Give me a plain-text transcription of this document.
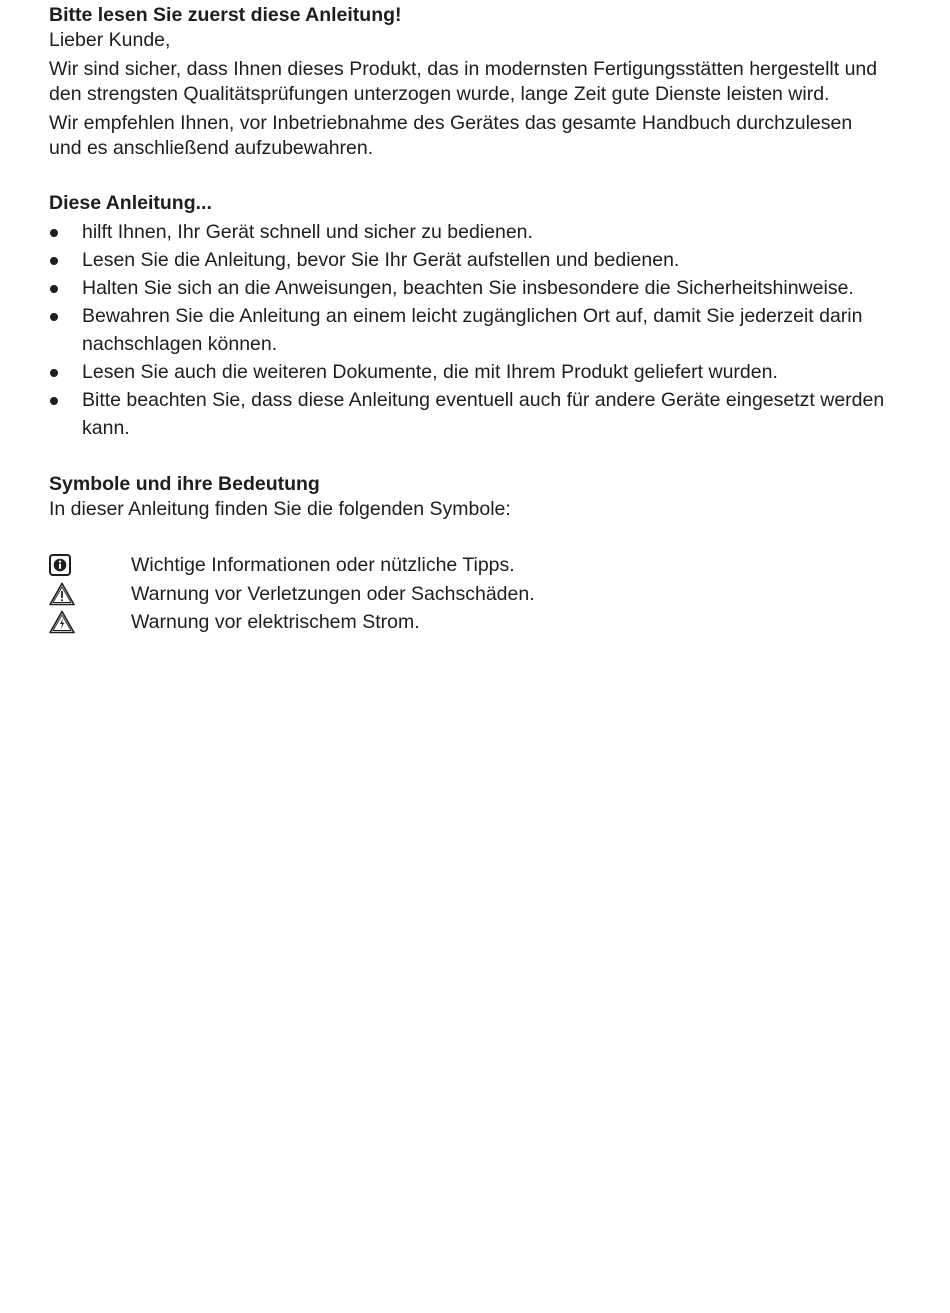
Bitte lesen Sie zuerst diese Anleitung!

Lieber Kunde,

Wir sind sicher, dass Ihnen dieses Produkt, das in modernsten Fertigungsstätten hergestellt und den strengsten Qualitätsprüfungen unterzogen wurde, lange Zeit gute Dienste leisten wird.

Wir empfehlen Ihnen, vor Inbetriebnahme des Gerätes das gesamte Handbuch durchzulesen und es anschließend aufzubewahren.

Diese Anleitung...
hilft Ihnen, Ihr Gerät schnell und sicher zu bedienen.
Lesen Sie die Anleitung, bevor Sie Ihr Gerät aufstellen und bedienen.
Halten Sie sich an die Anweisungen, beachten Sie insbesondere die Sicherheitshinweise.
Bewahren Sie die Anleitung an einem leicht zugänglichen Ort auf, damit Sie jederzeit darin nachschlagen können.
Lesen Sie auch die weiteren Dokumente, die mit Ihrem Produkt geliefert wurden.
Bitte beachten Sie, dass diese Anleitung eventuell auch für andere Geräte eingesetzt werden kann.
Symbole und ihre Bedeutung

In dieser Anleitung finden Sie die folgenden Symbole:

Wichtige Informationen oder nützliche Tipps.
Warnung vor Verletzungen oder Sachschäden.
Warnung vor elektrischem Strom.
